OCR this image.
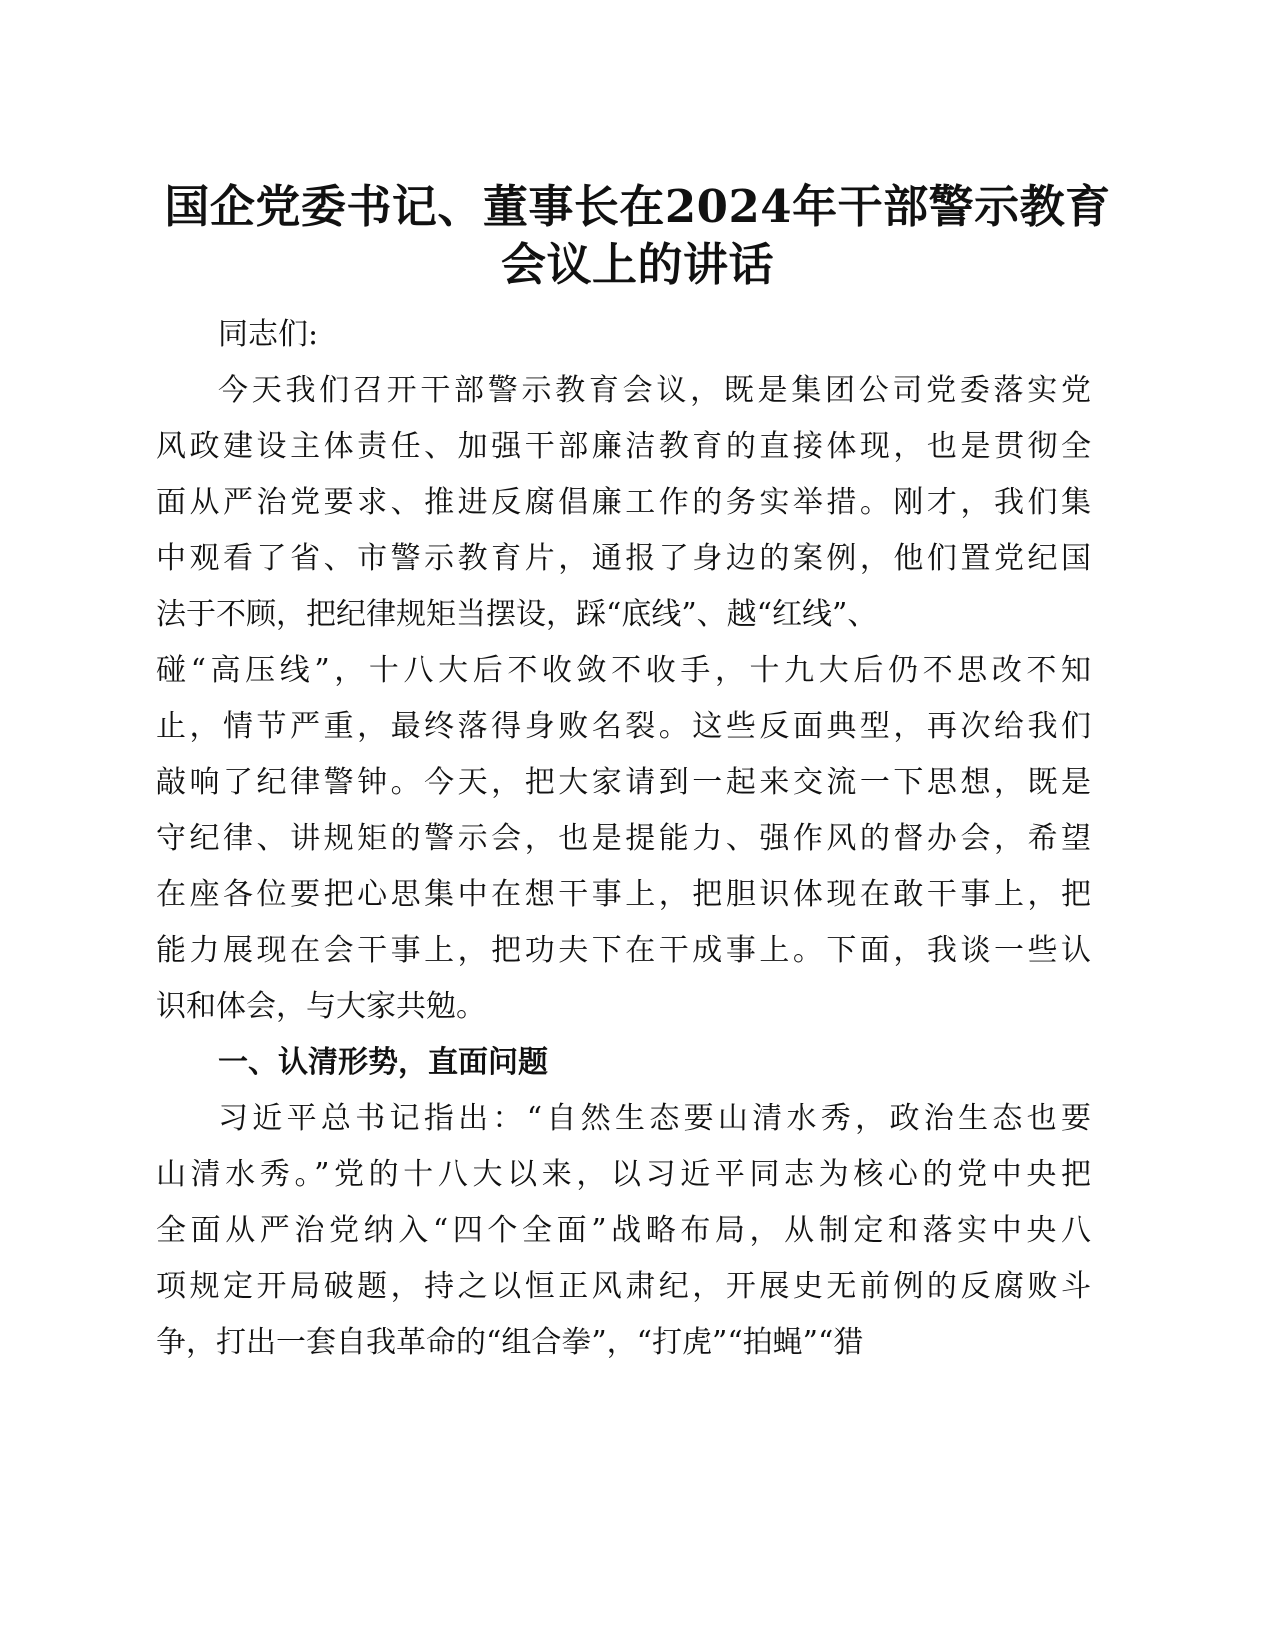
国企党委书记、董事长在2024年干部警示教育
会议上的讲话
同志们:
今天我们召开干部警示教育会议，既是集团公司党委落实党
风政建设主体责任、加强干部廉洁教育的直接体现，也是贯彻全
面从严治党要求、推进反腐倡廉工作的务实举措。刚才，我们集
中观看了省、市警示教育片，通报了身边的案例，他们置党纪国
法于不顾，把纪律规矩当摆设，踩“底线”、越“红线”、
碰“高压线”，十八大后不收敛不收手，十九大后仍不思改不知
止，情节严重，最终落得身败名裂。这些反面典型，再次给我们
敲响了纪律警钟。今天，把大家请到一起来交流一下思想，既是
守纪律、讲规矩的警示会，也是提能力、强作风的督办会，希望
在座各位要把心思集中在想干事上，把胆识体现在敢干事上，把
能力展现在会干事上，把功夫下在干成事上。下面，我谈一些认
识和体会，与大家共勉。
一、认清形势，直面问题
习近平总书记指出：“自然生态要山清水秀，政治生态也要
山清水秀。”党的十八大以来，以习近平同志为核心的党中央把
全面从严治党纳入“四个全面”战略布局，从制定和落实中央八
项规定开局破题，持之以恒正风肃纪，开展史无前例的反腐败斗
争，打出一套自我革命的“组合拳”，“打虎”“拍蝇”“猎
